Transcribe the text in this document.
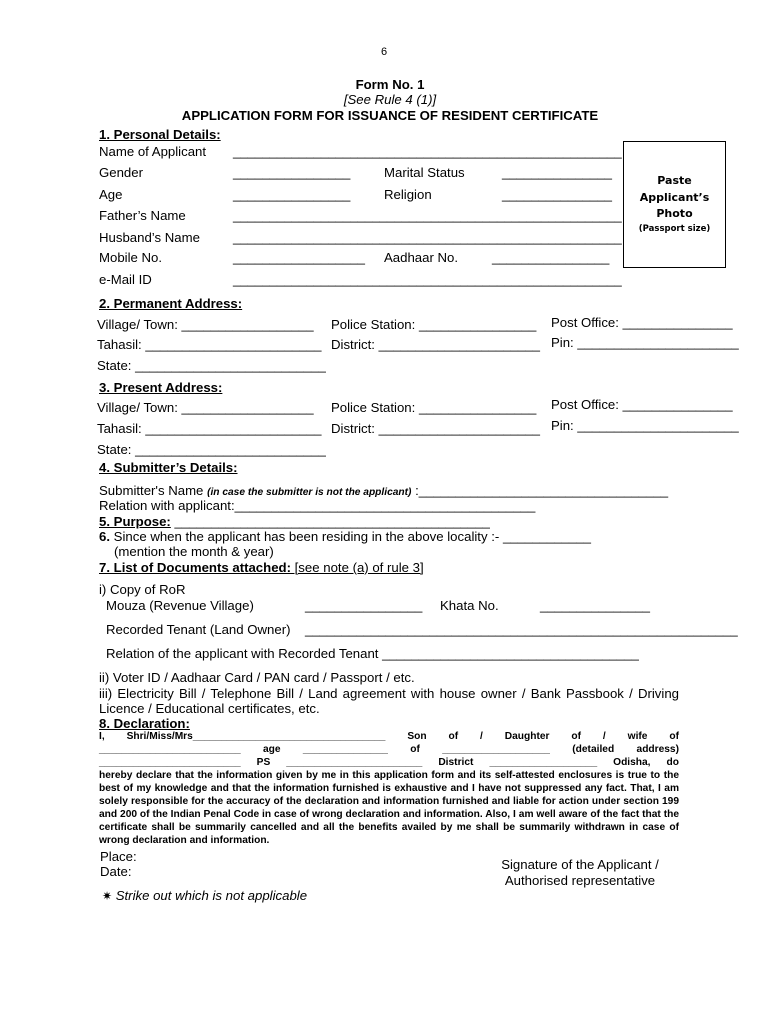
6
Form No. 1
[See Rule 4 (1)]
APPLICATION FORM FOR ISSUANCE OF RESIDENT CERTIFICATE
Paste
Applicant’s
Photo

(Passport size)
1. Personal Details:
Name of Applicant _____________________________________________________
Gender	________________	Marital Status	_______________
Age	________________	Religion	_______________
Father’s Name	_____________________________________________________
Husband’s Name	_____________________________________________________
Mobile No.	__________________ Aadhaar No.	________________
e-Mail ID	_____________________________________________________
2. Permanent Address:
Village/ Town: __________________ Police Station: ________________ Post Office: _______________
Tahasil: ________________________ District: ______________________ Pin: ______________________
State: __________________________
3. Present Address:
Village/ Town: __________________ Police Station: ________________ Post Office: _______________
Tahasil: ________________________ District: ______________________ Pin: ______________________
State: __________________________
4. Submitter’s Details:
Submitter's Name (in case the submitter is not the applicant) :__________________________________
Relation with applicant:_________________________________________
5. Purpose: ___________________________________________
6. Since when the applicant has been residing in the above locality :- ____________
(mention the month & year)
7. List of Documents attached: [see note (a) of rule 3]
i) Copy of RoR
Mouza (Revenue Village)	________________ Khata No.	_______________
Recorded Tenant (Land Owner) ___________________________________________________________
Relation of the applicant with Recorded Tenant ___________________________________
ii) Voter ID / Aadhaar Card / PAN card / Passport / etc.
iii) Electricity Bill / Telephone Bill / Land agreement with house owner / Bank Passbook / Driving
Licence / Educational certificates, etc.
8. Declaration:
I, Shri/Miss/Mrs__________________________________ Son of / Daughter of / wife of
_________________________ age _______________ of ___________________ (detailed address)
_________________________ PS ________________________ District ___________________ Odisha, do
hereby declare that the information given by me in this application form and its self-attested enclosures is true to the best of my knowledge and that the information furnished is exhaustive and I have not suppressed any fact. That, I am solely responsible for the accuracy of the declaration and information furnished and liable for action under section 199 and 200 of the Indian Penal Code in case of wrong declaration and information. Also, I am well aware of the fact that the certificate shall be summarily cancelled and all the benefits availed by me shall be summarily withdrawn in case of wrong declaration and information.
Place:
Date:	Signature of the Applicant /
Authorised representative
✷ Strike out which is not applicable
